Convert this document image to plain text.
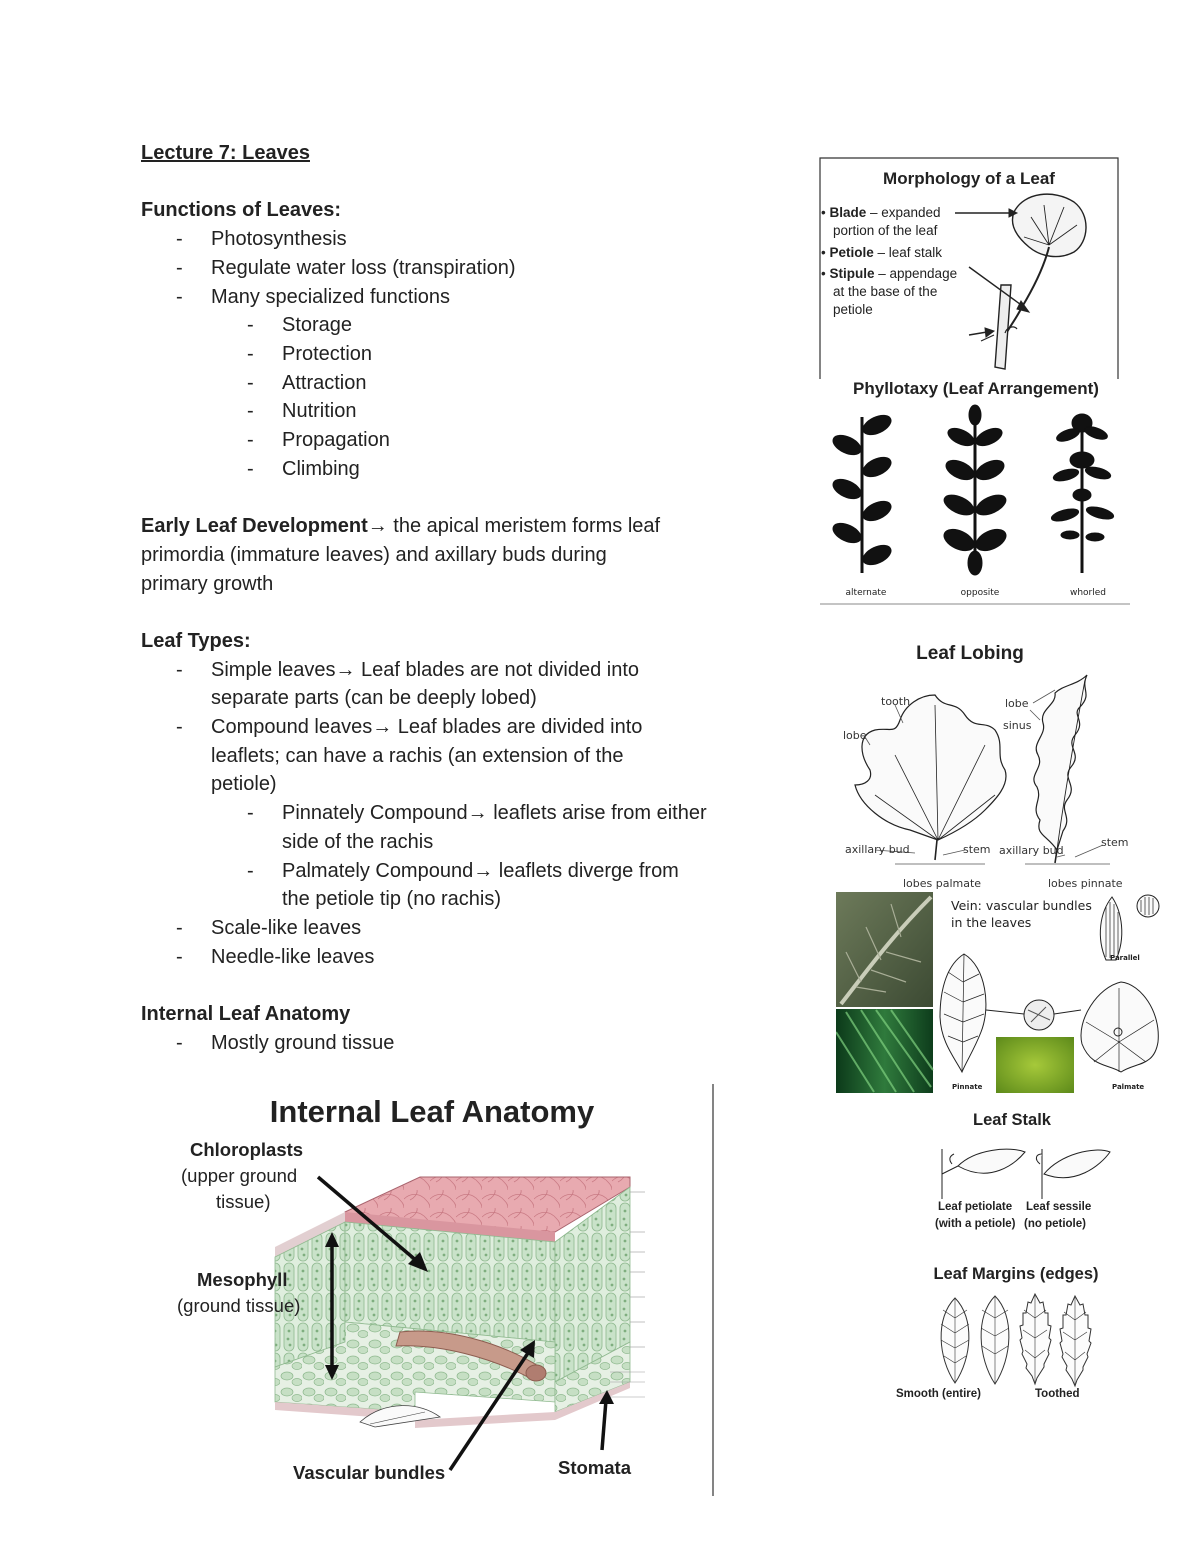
Lecture 7: Leaves

Functions of Leaves:
- Photosynthesis
- Regulate water loss (transpiration)
- Many specialized functions
- Storage
- Protection
- Attraction
- Nutrition
- Propagation
- Climbing

Early Leaf Development→ the apical meristem forms leaf
primordia (immature leaves) and axillary buds during
primary growth

Leaf Types:
- Simple leaves→ Leaf blades are not divided into
separate parts (can be deeply lobed)
- Compound leaves→ Leaf blades are divided into
leaflets; can have a rachis (an extension of the
petiole)
- Pinnately Compound→ leaflets arise from either
side of the rachis
- Palmately Compound→ leaflets diverge from
the petiole tip (no rachis)
- Scale-like leaves
- Needle-like leaves

Internal Leaf Anatomy
- Mostly ground tissue
Morphology of a Leaf
• Blade – expanded
portion of the leaf
• Petiole – leaf stalk
• Stipule – appendage
at the base of the
petiole
Phyllotaxy (Leaf Arrangement)
alternate	opposite	whorled
Leaf Lobing
tooth
lobe
lobe
sinus
axillary bud	stem axillary bud
stem
lobes palmate	lobes pinnate
Vein: vascular bundles
in the leaves
Parallel
Pinnate	Palmate
Leaf Stalk
Leaf petiolate
(with a petiole)
Leaf sessile
(no petiole)
Leaf Margins (edges)
Smooth (entire)	Toothed
Internal Leaf Anatomy
Chloroplasts
(upper ground
tissue)
Mesophyll
(ground tissue)
Vascular bundles	Stomata
